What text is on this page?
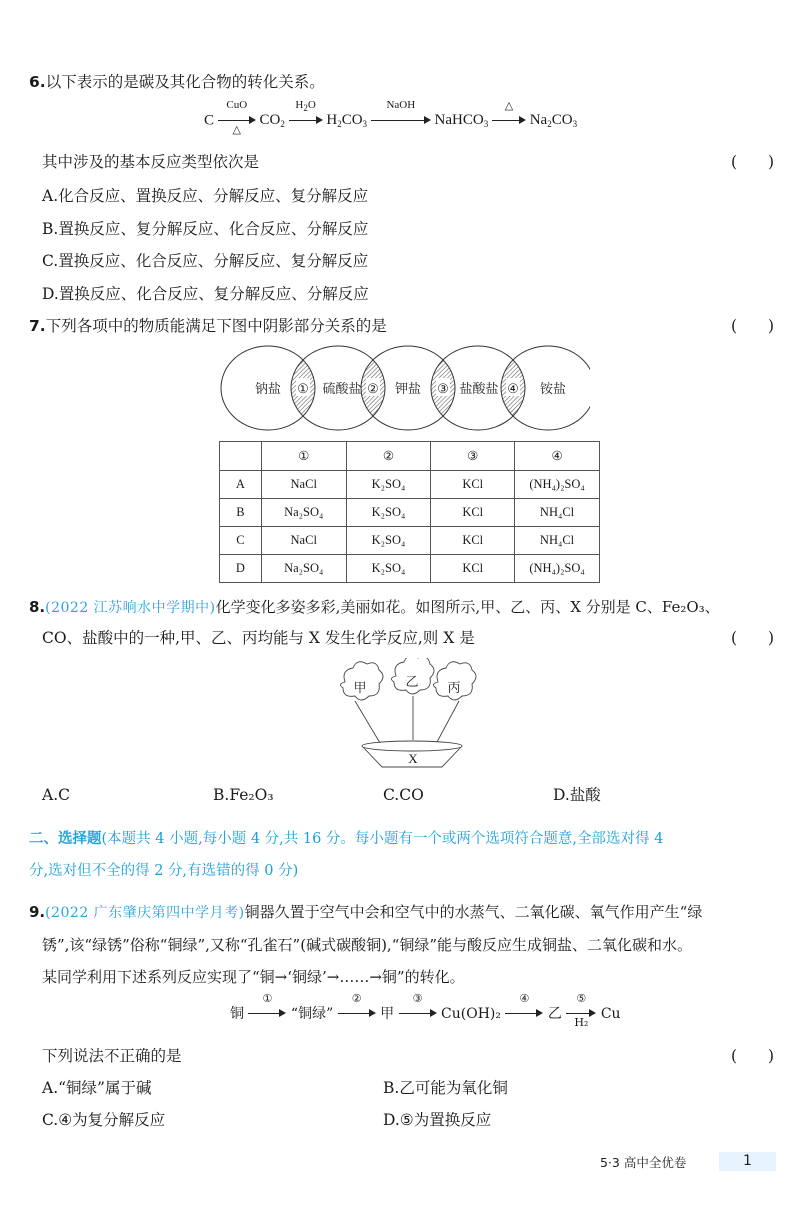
6.以下表示的是碳及其化合物的转化关系。
C
CuO
△
$CO_2$
$H_2O$
$H_2CO_3$
NaOH
NaHCO$_3$
△
$Na_2CO_3$
其中涉及的基本反应类型依次是	(　　)
A.化合反应、置换反应、分解反应、复分解反应
B.置换反应、复分解反应、化合反应、分解反应
C.置换反应、化合反应、分解反应、复分解反应
D.置换反应、化合反应、复分解反应、分解反应
7.下列各项中的物质能满足下图中阴影部分关系的是	(　　)
钠盐	硫酸盐	钾盐	盐酸盐	铵盐
①	②	③	④
	①	②	③	④
A	NaCl	K₂SO₄	KCl	(NH₄)₂SO₄
B	Na₂SO₄	K₂SO₄	KCl	NH₄Cl
C	NaCl	K₂SO₄	KCl	NH₄Cl
D	Na₂SO₄	K₂SO₄	KCl	(NH₄)₂SO₄
8.(2022 江苏响水中学期中)化学变化多姿多彩,美丽如花。如图所示,甲、乙、丙、X 分别是 C、Fe₂O₃、
CO、盐酸中的一种,甲、乙、丙均能与 X 发生化学反应,则 X 是	(　　)
甲	乙 丙
X
A.C	B.Fe₂O₃	C.CO	D.盐酸
二、选择题(本题共 4 小题,每小题 4 分,共 16 分。每小题有一个或两个选项符合题意,全部选对得 4
分,选对但不全的得 2 分,有选错的得 0 分)
9.(2022 广东肇庆第四中学月考)铜器久置于空气中会和空气中的水蒸气、二氧化碳、氧气作用产生“绿
锈”,该“绿锈”俗称“铜绿”,又称“孔雀石”(碱式碳酸铜),“铜绿”能与酸反应生成铜盐、二氧化碳和水。
某同学利用下述系列反应实现了“铜→‘铜绿’→……→铜”的转化。
铜
①
“铜绿”
②
甲
③
Cu(OH)₂
④
乙
⑤
H₂
Cu
下列说法不正确的是	(　　)
A.“铜绿”属于碱	B.乙可能为氧化铜
C.④为复分解反应	D.⑤为置换反应
5·3 高中全优卷	1
